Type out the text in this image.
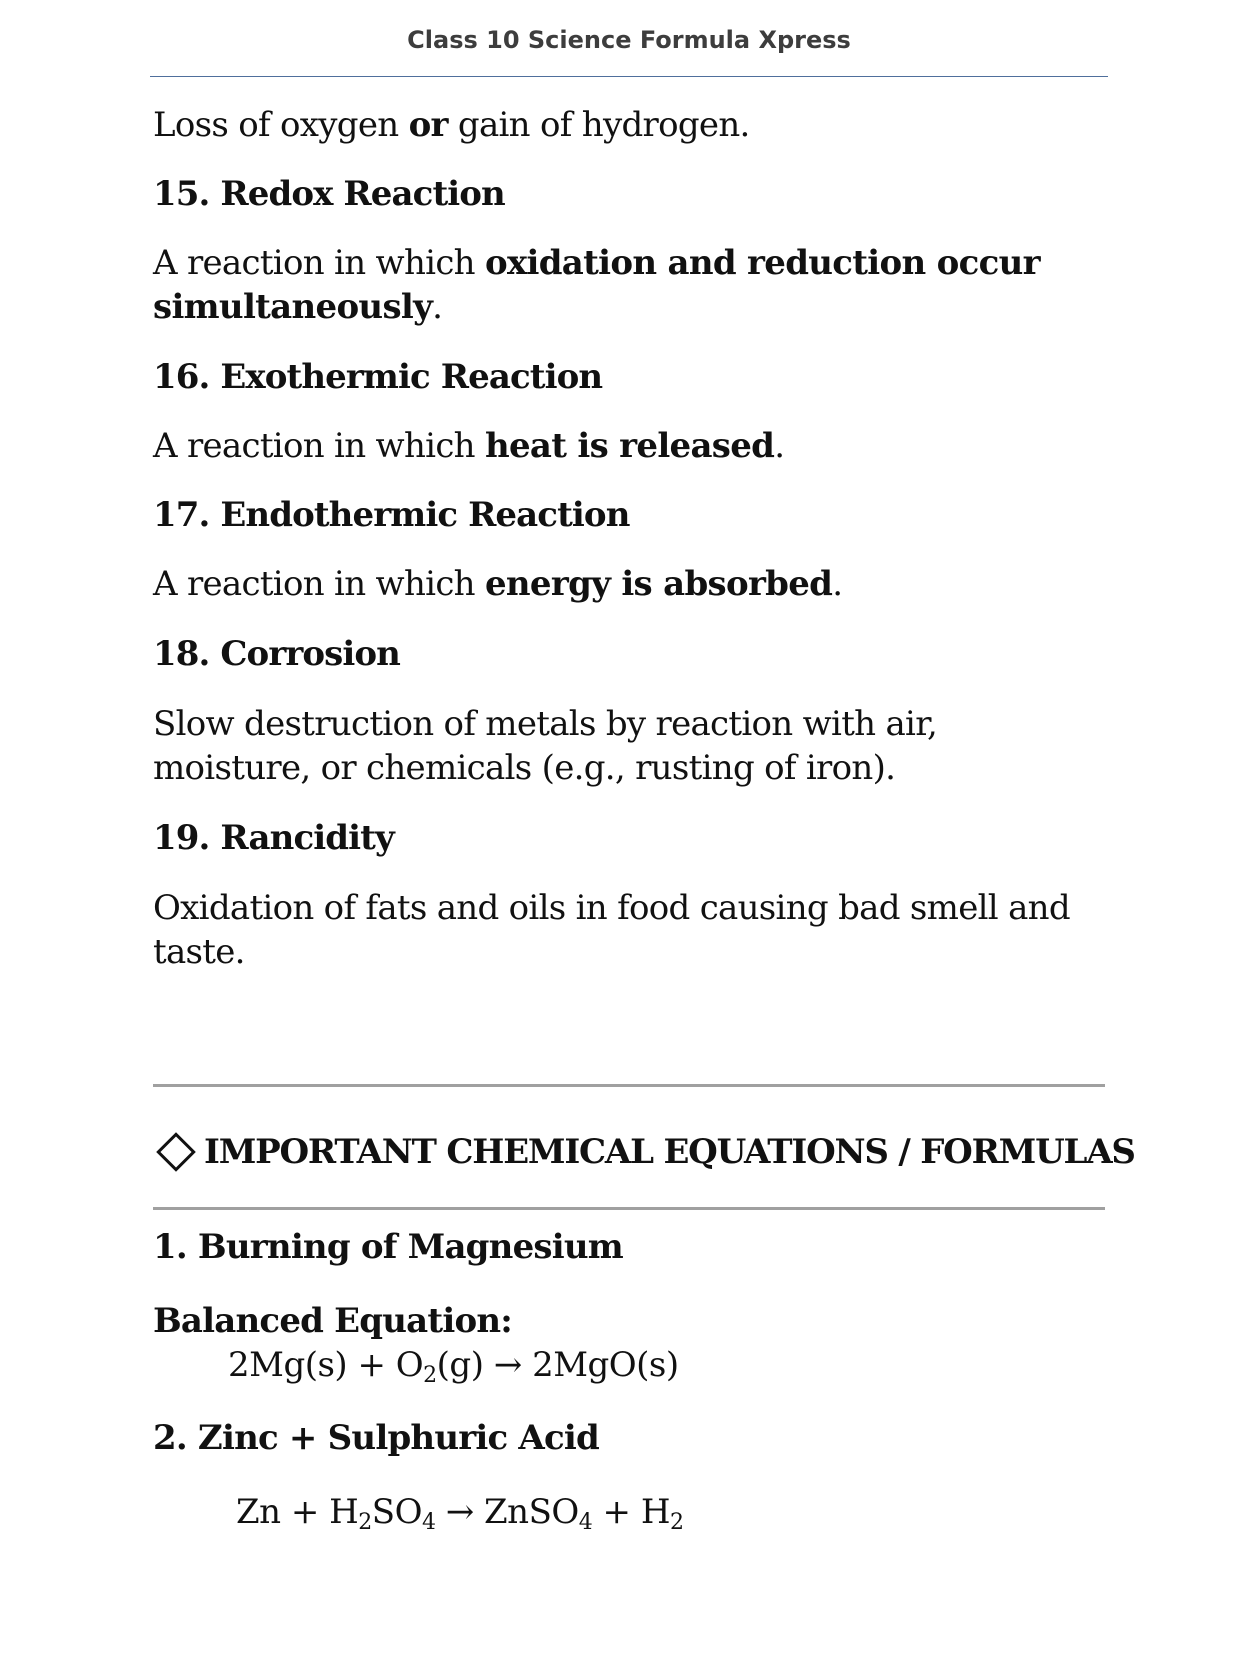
Class 10 Science Formula Xpress

Loss of oxygen or gain of hydrogen.

15. Redox Reaction

A reaction in which oxidation and reduction occur simultaneously.

16. Exothermic Reaction

A reaction in which heat is released.

17. Endothermic Reaction

A reaction in which energy is absorbed.

18. Corrosion

Slow destruction of metals by reaction with air, moisture, or chemicals (e.g., rusting of iron).

19. Rancidity

Oxidation of fats and oils in food causing bad smell and taste.

IMPORTANT CHEMICAL EQUATIONS / FORMULAS
1. Burning of Magnesium
Balanced Equation:
$2Mg(s) + O_2(g) \to 2MgO(s)$
2. Zinc + Sulphuric Acid
$Zn + H_2SO_4$ → ZnSO$_4$ + $H_2$
